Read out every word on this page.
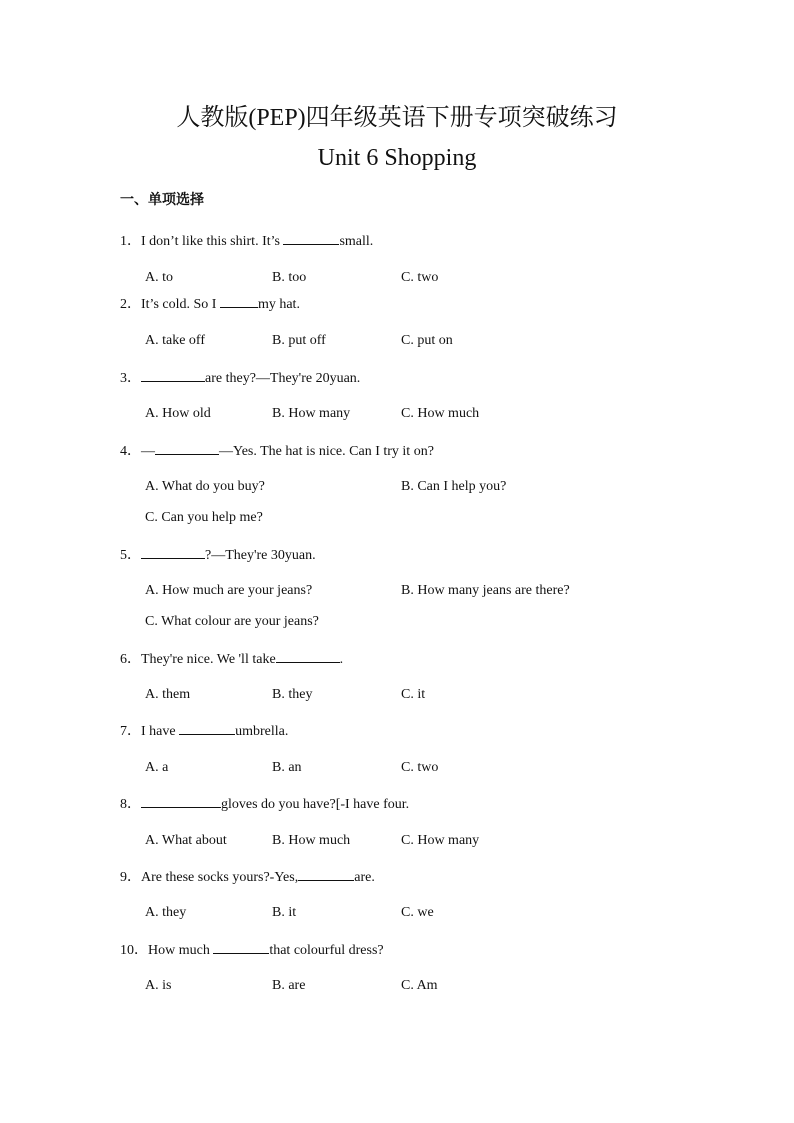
人教版(PEP)四年级英语下册专项突破练习
Unit 6 Shopping
一、单项选择
1．I don’t like this shirt. It’s	small.
A. to	B. too	C. two
2．It’s cold. So I	my hat.
A. take off	B. put off	C. put on
3．	are they?—They're 20yuan.
A. How old	B. How many	C. How much
4．—	—Yes. The hat is nice. Can I try it on?
A. What do you buy?	B. Can I help you?
C. Can you help me?
5．	?—They're 30yuan.
A. How much are your jeans?	B. How many jeans are there?
C. What colour are your jeans?
6．They're nice. We 'll take	.
A. them	B. they	C. it
7．I have	umbrella.
A. a	B. an	C. two
8．	gloves do you have?[-I have four.
A. What about	B. How much	C. How many
9．Are these socks yours?-Yes,	are.
A. they	B. it	C. we
10．How much	that colourful dress?
A. is	B. are	C. Am
